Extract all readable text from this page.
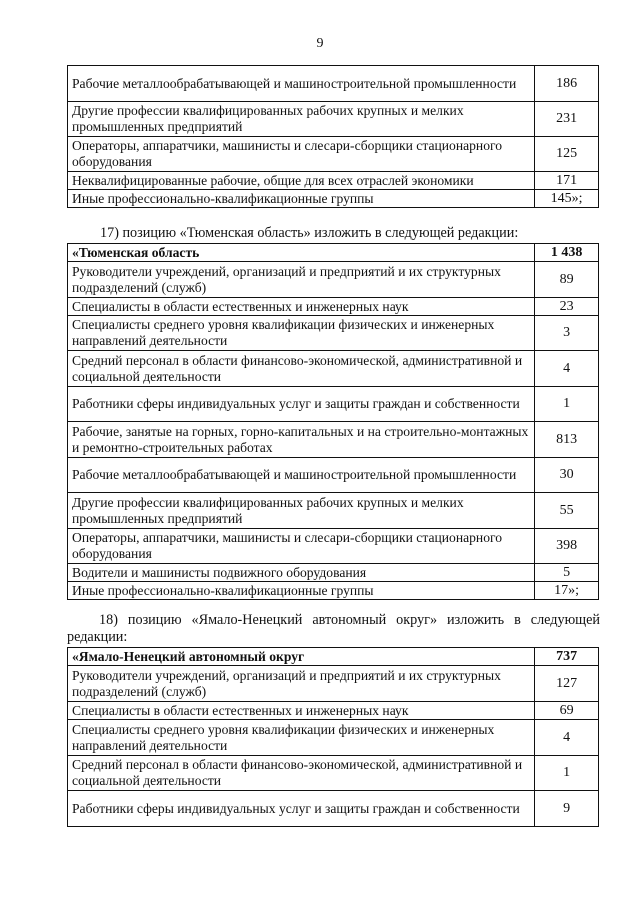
9
Рабочие металлообрабатывающей и машиностроительной промышленности	186
Другие профессии квалифицированных рабочих крупных и мелких промышленных предприятий	231
Операторы, аппаратчики, машинисты и слесари-сборщики стационарного оборудования	125
Неквалифицированные рабочие, общие для всех отраслей экономики	171
Иные профессионально-квалификационные группы	145»;
17) позицию «Тюменская область» изложить в следующей редакции:
«Тюменская область	1 438
Руководители учреждений, организаций и предприятий и их структурных подразделений (служб)	89
Специалисты в области естественных и инженерных наук	23
Специалисты среднего уровня квалификации физических и инженерных направлений деятельности	3
Средний персонал в области финансово-экономической, административной и социальной деятельности	4
Работники сферы индивидуальных услуг и защиты граждан и собственности	1
Рабочие, занятые на горных, горно-капитальных и на строительно-монтажных и ремонтно-строительных работах	813
Рабочие металлообрабатывающей и машиностроительной промышленности	30
Другие профессии квалифицированных рабочих крупных и мелких промышленных предприятий	55
Операторы, аппаратчики, машинисты и слесари-сборщики стационарного оборудования	398
Водители и машинисты подвижного оборудования	5
Иные профессионально-квалификационные группы	17»;
18) позицию «Ямало-Ненецкий автономный округ» изложить в следующей редакции:
«Ямало-Ненецкий автономный округ	737
Руководители учреждений, организаций и предприятий и их структурных подразделений (служб)	127
Специалисты в области естественных и инженерных наук	69
Специалисты среднего уровня квалификации физических и инженерных направлений деятельности	4
Средний персонал в области финансово-экономической, административной и социальной деятельности	1
Работники сферы индивидуальных услуг и защиты граждан и собственности	9
